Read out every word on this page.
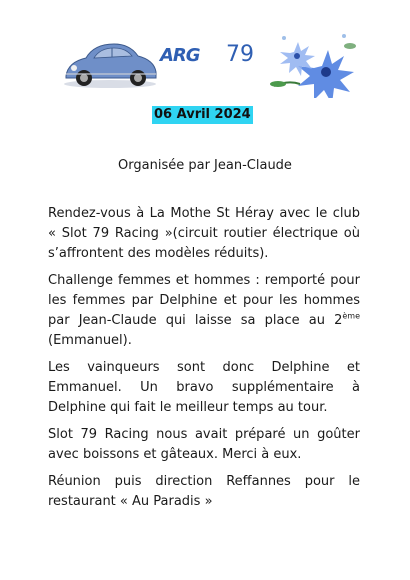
ARG	79
06 Avril 2024
Organisée par Jean-Claude

Rendez-vous à La Mothe St Héray avec le club « Slot 79 Racing »(circuit routier électrique où s’affrontent des modèles réduits).

Challenge femmes et hommes : remporté pour les femmes par Delphine et pour les hommes par Jean-Claude qui laisse sa place au 2ème (Emmanuel).

Les vainqueurs sont donc Delphine et Emmanuel. Un bravo supplémentaire à Delphine qui fait le meilleur temps au tour.

Slot 79 Racing nous avait préparé un goûter avec boissons et gâteaux. Merci à eux.

Réunion puis direction Reffannes pour le restaurant « Au Paradis »
